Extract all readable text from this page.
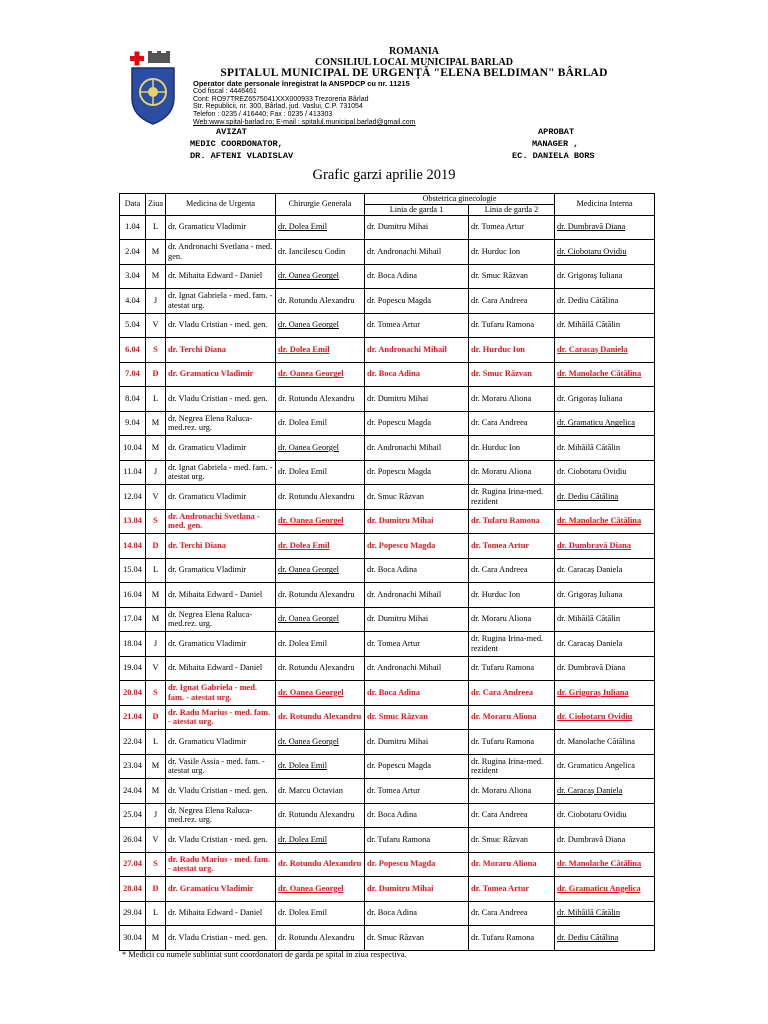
ROMANIA
CONSILIUL LOCAL MUNICIPAL BARLAD
SPITALUL MUNICIPAL DE URGENȚĂ "ELENA BELDIMAN" BÂRLAD
Operator date personale înregistrat la ANSPDCP cu nr. 11215
Cod fiscal : 4446461
Cont: RO97TREZ6575041XXX000933 Trezoreria Bârlad
Str. Republicii, nr. 300, Bârlad, jud. Vaslui, C.P. 731054
Telefon : 0235 / 416440; Fax : 0235 / 413303
Web:www.spital-barlad.ro; E-mail : spitalul.municipal.barlad@gmail.com
AVIZAT
MEDIC COORDONATOR,
DR. AFTENI VLADISLAV
APROBAT
MANAGER ,
EC. DANIELA BORS
Grafic garzi aprilie 2019
Data	Ziua	Medicina de Urgenta	Chirurgie Generala	Obstetrica ginecologie		Medicina Interna
				Linia de garda 1	Linia de garda 2	
1.04	L	dr. Gramaticu Vladimir	dr. Dolea Emil	dr. Dumitru Mihai	dr. Tomea Artur	dr. Dumbravă Diana
2.04	M	dr. Andronachi Svetlana - med. gen.	dr. Iancilescu Codin	dr. Andronachi Mihail	dr. Hurduc Ion	dr. Ciobotaru Ovidiu
3.04	M	dr. Mihaita Edward - Daniel	dr. Oanea Georgel	dr. Boca Adina	dr. Smuc Răzvan	dr. Grigoraș Iuliana
4.04	J	dr. Ignat Gabriela - med. fam. - atestat urg.	dr. Rotundu Alexandru	dr. Popescu Magda	dr. Cara Andreea	dr. Dediu Cătălina
5.04	V	dr. Vladu Cristian - med. gen.	dr. Oanea Georgel	dr. Tomea Artur	dr. Tufaru Ramona	dr. Mihăilă Cătălin
6.04	S	dr. Terchi Diana	dr. Dolea Emil	dr. Andronachi Mihail	dr. Hurduc Ion	dr. Caracaș Daniela
7.04	D	dr. Gramaticu Vladimir	dr. Oanea Georgel	dr. Boca Adina	dr. Smuc Răzvan	dr. Manolache Cătălina
8.04	L	dr. Vladu Cristian - med. gen.	dr. Rotundu Alexandru	dr. Dumitru Mihai	dr. Moraru Aliona	dr. Grigoraș Iuliana
9.04	M	dr. Negrea Elena Raluca-med.rez. urg.	dr. Dolea Emil	dr. Popescu Magda	dr. Cara Andreea	dr. Gramaticu Angelica
10.04	M	dr. Gramaticu Vladimir	dr. Oanea Georgel	dr. Andronachi Mihail	dr. Hurduc Ion	dr. Mihăilă Cătălin
11.04	J	dr. Ignat Gabriela - med. fam. - atestat urg.	dr. Dolea Emil	dr. Popescu Magda	dr. Moraru Aliona	dr. Ciobotaru Ovidiu
12.04	V	dr. Gramaticu Vladimir	dr. Rotundu Alexandru	dr. Smuc Răzvan	dr. Rugina Irina-med. rezident	dr. Dediu Cătălina
13.04	S	dr. Andronachi Svetlana - med. gen.	dr. Oanea Georgel	dr. Dumitru Mihai	dr. Tufaru Ramona	dr. Manolache Cătălina
14.04	D	dr. Terchi Diana	dr. Dolea Emil	dr. Popescu Magda	dr. Tomea Artur	dr. Dumbravă Diana
15.04	L	dr. Gramaticu Vladimir	dr. Oanea Georgel	dr. Boca Adina	dr. Cara Andreea	dr. Caracaș Daniela
16.04	M	dr. Mihaita Edward - Daniel	dr. Rotundu Alexandru	dr. Andronachi Mihail	dr. Hurduc Ion	dr. Grigoraș Iuliana
17.04	M	dr. Negrea Elena Raluca-med.rez. urg.	dr. Oanea Georgel	dr. Dumitru Mihai	dr. Moraru Aliona	dr. Mihăilă Cătălin
18.04	J	dr. Gramaticu Vladimir	dr. Dolea Emil	dr. Tomea Artur	dr. Rugina Irina-med. rezident	dr. Caracaș Daniela
19.04	V	dr. Mihaita Edward - Daniel	dr. Rotundu Alexandru	dr. Andronachi Mihail	dr. Tufaru Ramona	dr. Dumbravă Diana
20.04	S	dr. Ignat Gabriela - med. fam. - atestat urg.	dr. Oanea Georgel	dr. Boca Adina	dr. Cara Andreea	dr. Grigoraș Iuliana
21.04	D	dr. Radu Marius - med. fam. - atestat urg.	dr. Rotundu Alexandru	dr. Smuc Răzvan	dr. Moraru Aliona	dr. Ciobotaru Ovidiu
22.04	L	dr. Gramaticu Vladimir	dr. Oanea Georgel	dr. Dumitru Mihai	dr. Tufaru Ramona	dr. Manolache Cătălina
23.04	M	dr. Vasile Assia - med. fam. - atestat urg.	dr. Dolea Emil	dr. Popescu Magda	dr. Rugina Irina-med. rezident	dr. Gramaticu Angelica
24.04	M	dr. Vladu Cristian - med. gen.	dr. Marcu Octavian	dr. Tomea Artur	dr. Moraru Aliona	dr. Caracaș Daniela
25.04	J	dr. Negrea Elena Raluca-med.rez. urg.	dr. Rotundu Alexandru	dr. Boca Adina	dr. Cara Andreea	dr. Ciobotaru Ovidiu
26.04	V	dr. Vladu Cristian - med. gen.	dr. Dolea Emil	dr. Tufaru Ramona	dr. Smuc Răzvan	dr. Dumbravă Diana
27.04	S	dr. Radu Marius - med. fam. - atestat urg.	dr. Rotundu Alexandru	dr. Popescu Magda	dr. Moraru Aliona	dr. Manolache Cătălina
28.04	D	dr. Gramaticu Vladimir	dr. Oanea Georgel	dr. Dumitru Mihai	dr. Tomea Artur	dr. Gramaticu Angelica
29.04	L	dr. Mihaita Edward - Daniel	dr. Dolea Emil	dr. Boca Adina	dr. Cara Andreea	dr. Mihăilă Cătălin
30.04	M	dr. Vladu Cristian - med. gen.	dr. Rotundu Alexandru	dr. Smuc Răzvan	dr. Tufaru Ramona	dr. Dediu Cătălina
* Medicii cu numele subliniat sunt coordonatori de garda pe spital in ziua respectiva.
